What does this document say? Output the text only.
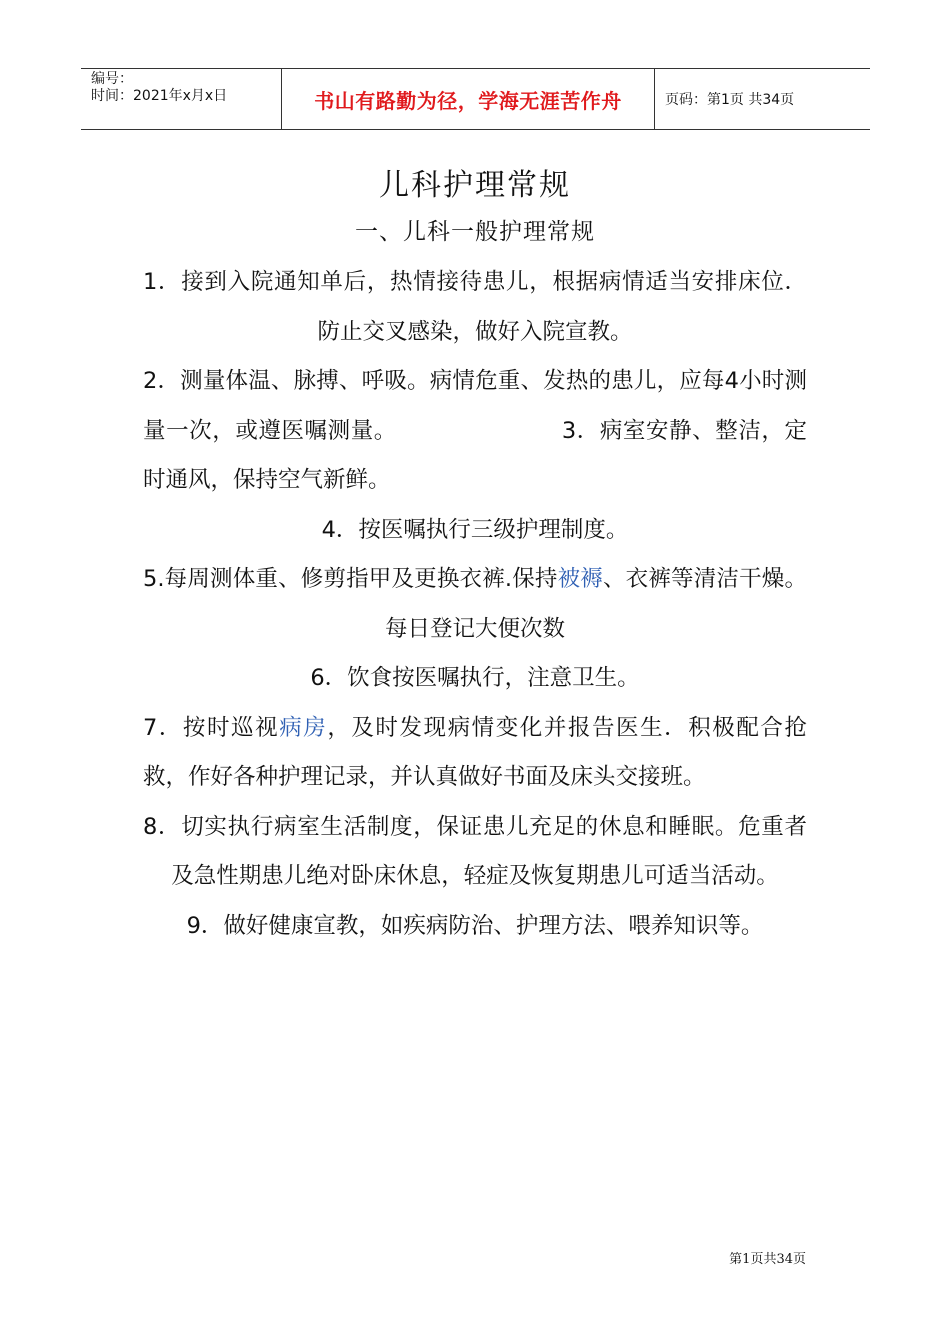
编号：
时间：2021年x月x日	书山有路勤为径，学海无涯苦作舟	页码：第1页 共34页
儿科护理常规
一、儿科一般护理常规

1．接到入院通知单后，热情接待患儿，根据病情适当安排床位．防止交叉感染，做好入院宣教。

2．测量体温、脉搏、呼吸。病情危重、发热的患儿，应每4小时测量一次，或遵医嘱测量。	3．病室安静、整洁，定时通风，保持空气新鲜。

4．按医嘱执行三级护理制度。

5.每周测体重、修剪指甲及更换衣裤.保持被褥、衣裤等清洁干燥。每日登记大便次数

6．饮食按医嘱执行，注意卫生。

7．按时巡视病房，及时发现病情变化并报告医生．积极配合抢救，作好各种护理记录，并认真做好书面及床头交接班。

8．切实执行病室生活制度，保证患儿充足的休息和睡眠。危重者及急性期患儿绝对卧床休息，轻症及恢复期患儿可适当活动。

9．做好健康宣教，如疾病防治、护理方法、喂养知识等。

第1页共34页
